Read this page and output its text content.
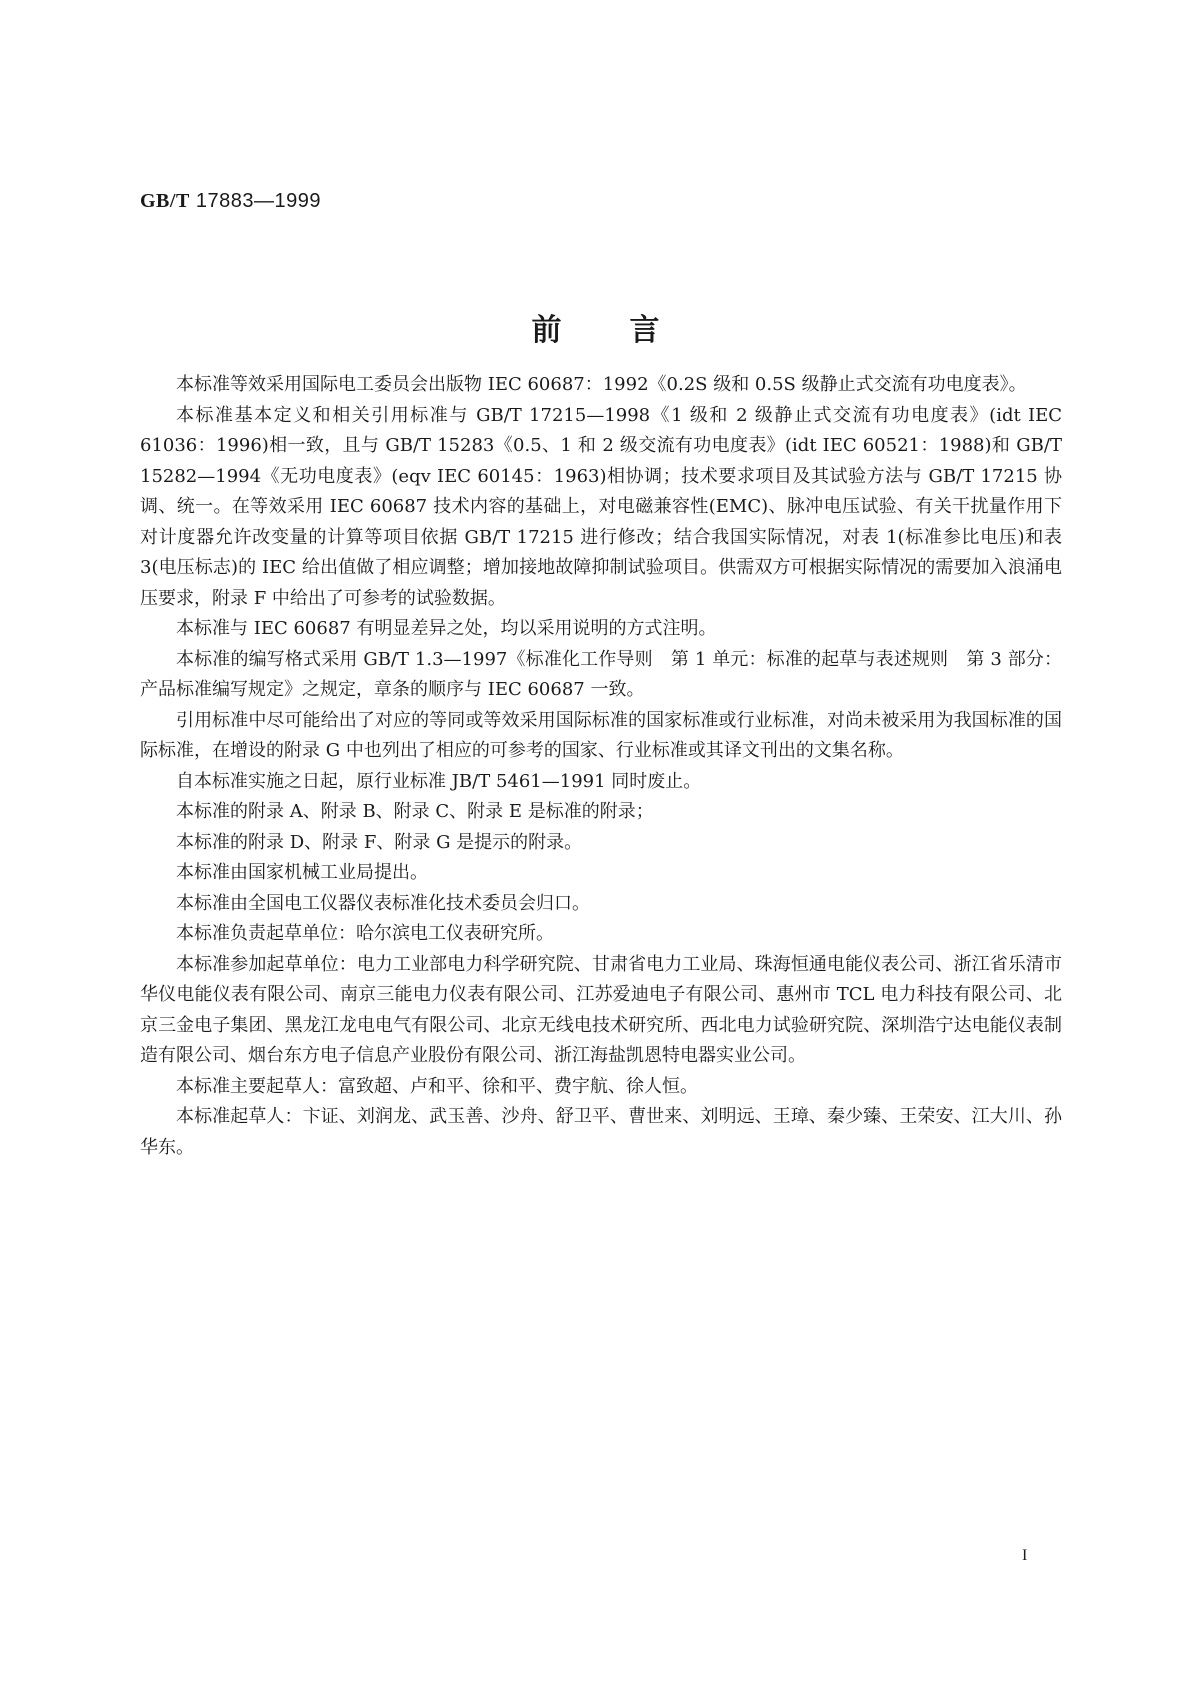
GB/T 17883—1999
前言

本标准等效采用国际电工委员会出版物 IEC 60687：1992《0.2S 级和 0.5S 级静止式交流有功电度表》。

本标准基本定义和相关引用标准与 GB/T 17215—1998《1 级和 2 级静止式交流有功电度表》(idt IEC 61036：1996)相一致，且与 GB/T 15283《0.5、1 和 2 级交流有功电度表》(idt IEC 60521：1988)和 GB/T 15282—1994《无功电度表》(eqv IEC 60145：1963)相协调；技术要求项目及其试验方法与 GB/T 17215 协调、统一。在等效采用 IEC 60687 技术内容的基础上，对电磁兼容性(EMC)、脉冲电压试验、有关干扰量作用下对计度器允许改变量的计算等项目依据 GB/T 17215 进行修改；结合我国实际情况，对表 1(标准参比电压)和表 3(电压标志)的 IEC 给出值做了相应调整；增加接地故障抑制试验项目。供需双方可根据实际情况的需要加入浪涌电压要求，附录 F 中给出了可参考的试验数据。

本标准与 IEC 60687 有明显差异之处，均以采用说明的方式注明。

本标准的编写格式采用 GB/T 1.3—1997《标准化工作导则　第 1 单元：标准的起草与表述规则　第 3 部分：产品标准编写规定》之规定，章条的顺序与 IEC 60687 一致。

引用标准中尽可能给出了对应的等同或等效采用国际标准的国家标准或行业标准，对尚未被采用为我国标准的国际标准，在增设的附录 G 中也列出了相应的可参考的国家、行业标准或其译文刊出的文集名称。

自本标准实施之日起，原行业标准 JB/T 5461—1991 同时废止。

本标准的附录 A、附录 B、附录 C、附录 E 是标准的附录；

本标准的附录 D、附录 F、附录 G 是提示的附录。

本标准由国家机械工业局提出。

本标准由全国电工仪器仪表标准化技术委员会归口。

本标准负责起草单位：哈尔滨电工仪表研究所。

本标准参加起草单位：电力工业部电力科学研究院、甘肃省电力工业局、珠海恒通电能仪表公司、浙江省乐清市华仪电能仪表有限公司、南京三能电力仪表有限公司、江苏爱迪电子有限公司、惠州市 TCL 电力科技有限公司、北京三金电子集团、黑龙江龙电电气有限公司、北京无线电技术研究所、西北电力试验研究院、深圳浩宁达电能仪表制造有限公司、烟台东方电子信息产业股份有限公司、浙江海盐凯恩特电器实业公司。

本标准主要起草人：富致超、卢和平、徐和平、费宇航、徐人恒。

本标准起草人：卞证、刘润龙、武玉善、沙舟、舒卫平、曹世来、刘明远、王璋、秦少臻、王荣安、江大川、孙华东。

I
